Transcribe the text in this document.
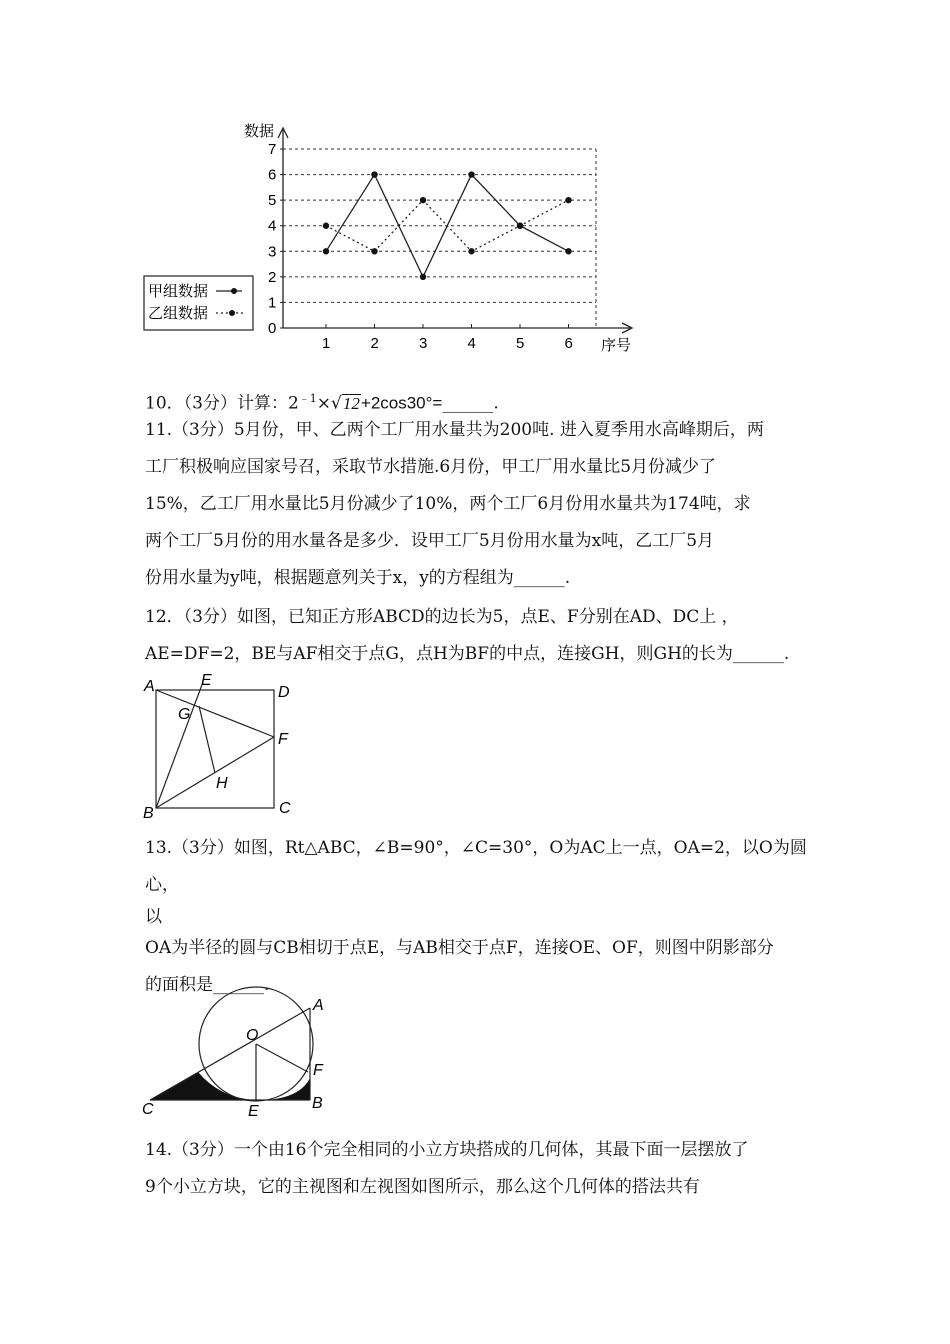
数据
序号
0
1
2
3
4
5
6
7
1	2	3	4	5	6
甲组数据
乙组数据
10．（3分）计算：$2^{﹣1}\times√12+2\cos 30^\circ=\_\_\_\_\_\_$.
11.（3分）5月份，甲、乙两个工厂用水量共为200吨. 进入夏季用水高峰期后，两
工厂积极响应国家号召，采取节水措施.6月份，甲工厂用水量比5月份减少了
15%，乙工厂用水量比5月份减少了10%，两个工厂6月份用水量共为174吨，求
两个工厂5月份的用水量各是多少．设甲工厂5月份用水量为x吨，乙工厂5月
份用水量为y吨，根据题意列关于x，y的方程组为______.
12．（3分）如图，已知正方形ABCD的边长为5，点E、F分别在AD、DC上 ，
AE=DF=2，BE与AF相交于点G，点H为BF的中点，连接GH，则GH的长为______.
A	E
D
G
F
H
B	C
13.（3分）如图，Rt△ABC，∠B=90°，∠C=30°，O为AC上一点，OA=2，以O为圆心，
以
OA为半径的圆与CB相切于点E，与AB相交于点F，连接OE、OF，则图中阴影部分
的面积是______.
O
A
F
C	E	B
14.（3分）一个由16个完全相同的小立方块搭成的几何体，其最下面一层摆放了
9个小立方块，它的主视图和左视图如图所示，那么这个几何体的搭法共有
